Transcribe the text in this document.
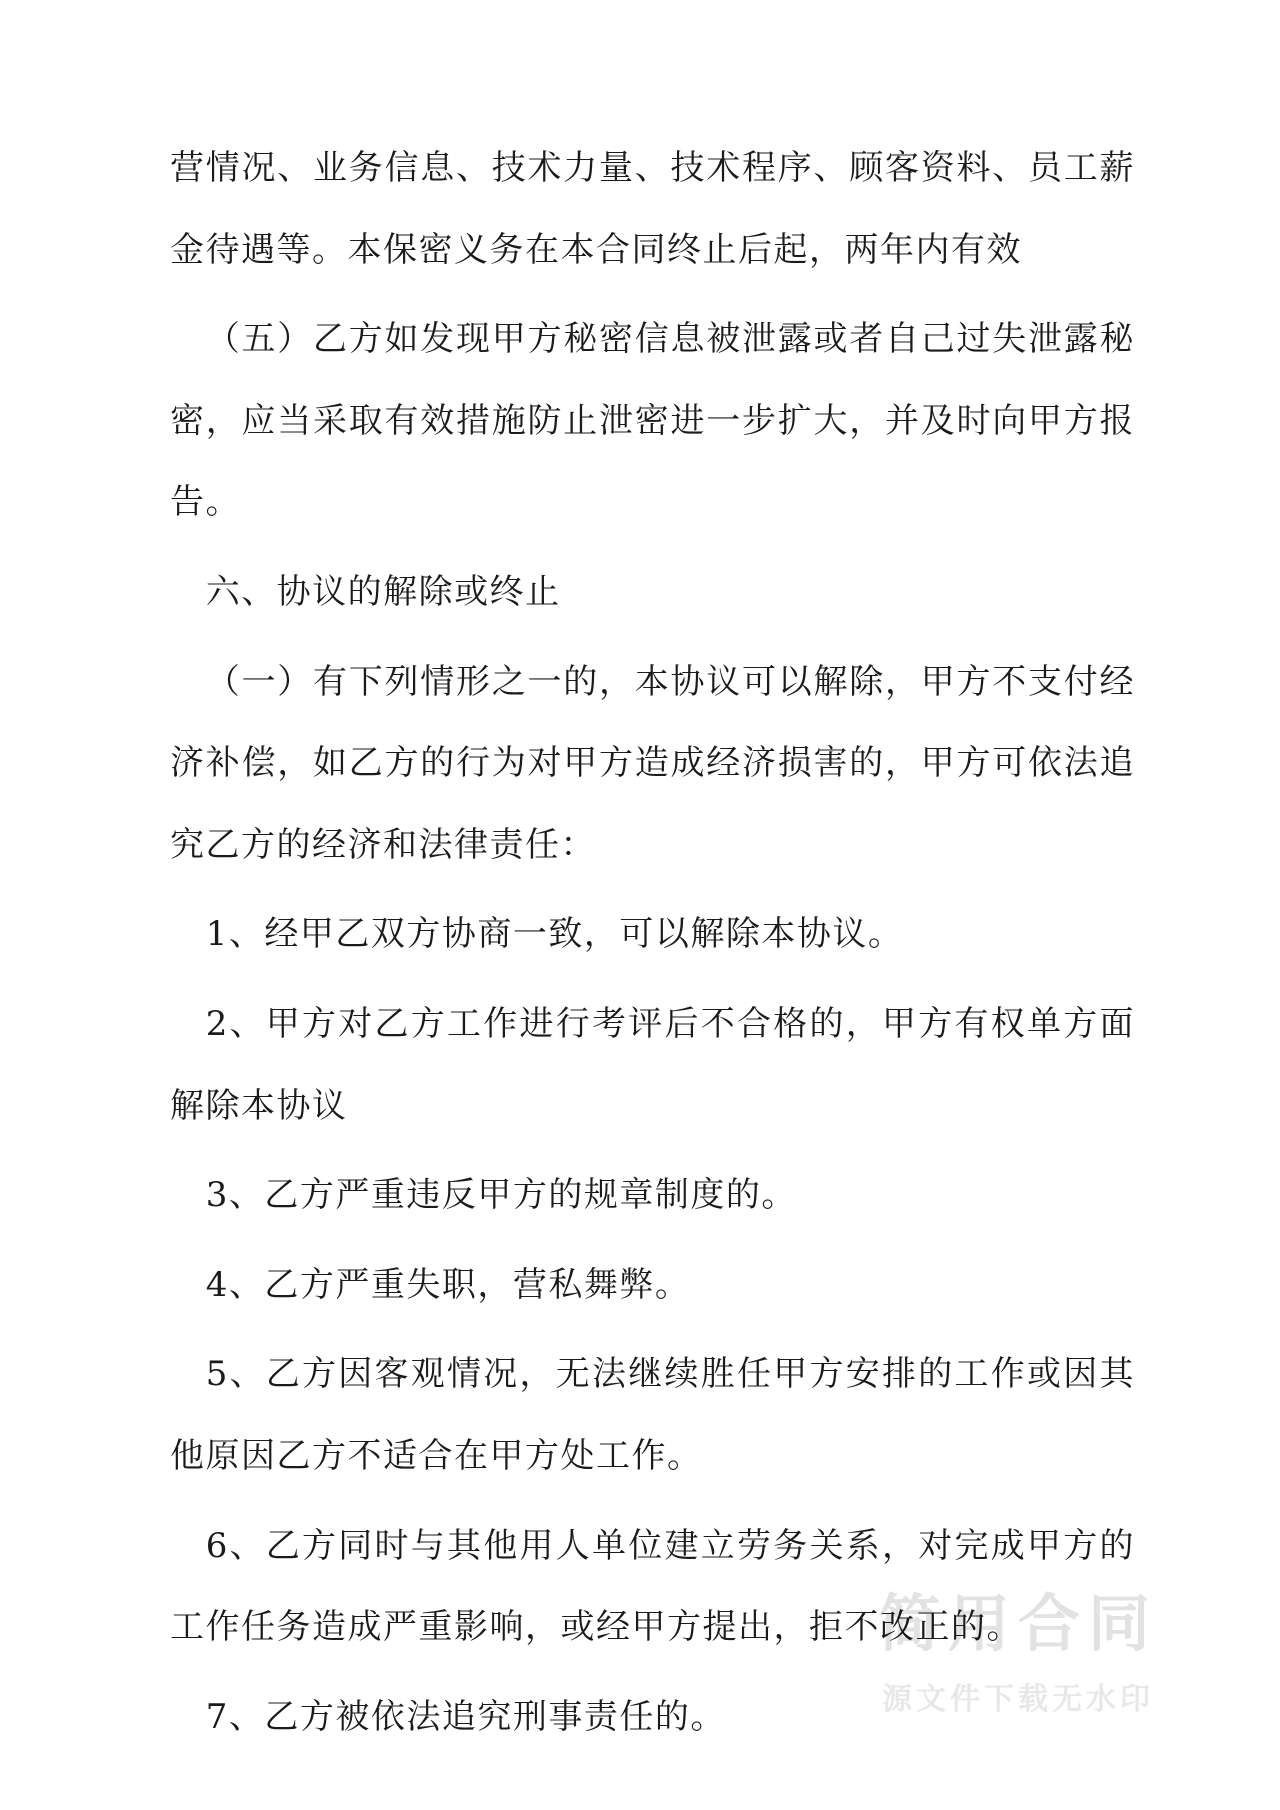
营情况、业务信息、技术力量、技术程序、顾客资料、员工薪金待遇等。本保密义务在本合同终止后起，两年内有效

（五）乙方如发现甲方秘密信息被泄露或者自己过失泄露秘密，应当采取有效措施防止泄密进一步扩大，并及时向甲方报告。

六、协议的解除或终止

（一）有下列情形之一的，本协议可以解除，甲方不支付经济补偿，如乙方的行为对甲方造成经济损害的，甲方可依法追究乙方的经济和法律责任：

1、经甲乙双方协商一致，可以解除本协议。

2、甲方对乙方工作进行考评后不合格的，甲方有权单方面解除本协议

3、乙方严重违反甲方的规章制度的。

4、乙方严重失职，营私舞弊。

5、乙方因客观情况，无法继续胜任甲方安排的工作或因其他原因乙方不适合在甲方处工作。

6、乙方同时与其他用人单位建立劳务关系，对完成甲方的工作任务造成严重影响，或经甲方提出，拒不改正的。

7、乙方被依法追究刑事责任的。

简用合同
源文件下载无水印
